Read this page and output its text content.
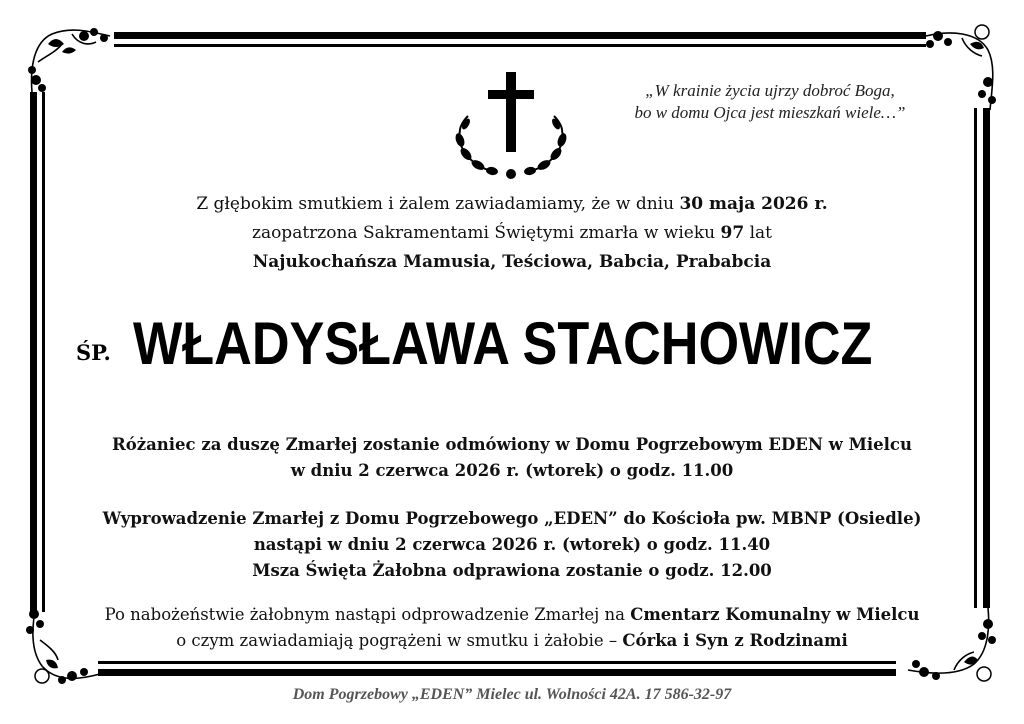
„W krainie życia ujrzy dobroć Boga,
bo w domu Ojca jest mieszkań wiele…”
Z głębokim smutkiem i żalem zawiadamiamy, że w dniu 30 maja 2026 r.
zaopatrzona Sakramentami Świętymi zmarła w wieku 97 lat
Najukochańsza Mamusia, Teściowa, Babcia, Prababcia
ŚP. WŁADYSŁAWA STACHOWICZ
Różaniec za duszę Zmarłej zostanie odmówiony w Domu Pogrzebowym EDEN w Mielcu
w dniu 2 czerwca 2026 r. (wtorek) o godz. 11.00
Wyprowadzenie Zmarłej z Domu Pogrzebowego „EDEN” do Kościoła pw. MBNP (Osiedle)
nastąpi w dniu 2 czerwca 2026 r. (wtorek) o godz. 11.40
Msza Święta Żałobna odprawiona zostanie o godz. 12.00
Po nabożeństwie żałobnym nastąpi odprowadzenie Zmarłej na Cmentarz Komunalny w Mielcu
o czym zawiadamiają pogrążeni w smutku i żałobie – Córka i Syn z Rodzinami
Dom Pogrzebowy „EDEN” Mielec ul. Wolności 42A. 17 586-32-97
